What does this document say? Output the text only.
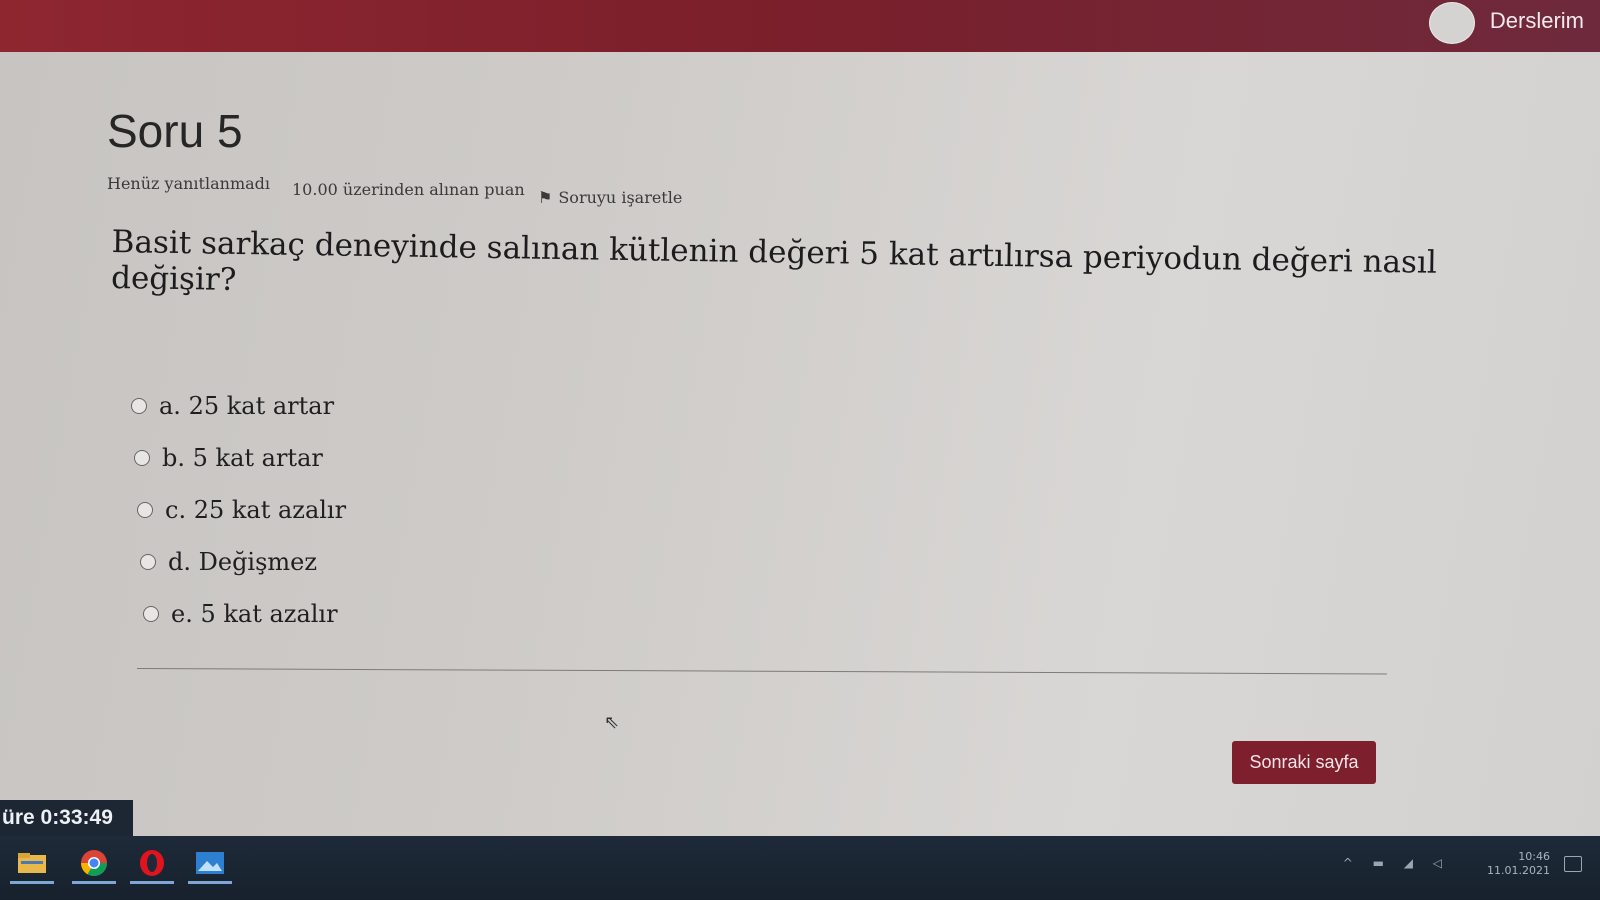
Derslerim
Soru 5
Henüz yanıtlanmadı 10.00 üzerinden alınan puan ⚑ Soruyu işaretle
Basit sarkaç deneyinde salınan kütlenin değeri 5 kat artılırsa periyodun değeri nasıl değişir?
a. 25 kat artar
b. 5 kat artar
c. 25 kat azalır
d. Değişmez
e. 5 kat azalır
⇖
Sonraki sayfa
üre 0:33:49
^ ▬ ◢ ◁	10:46
11.01.2021
